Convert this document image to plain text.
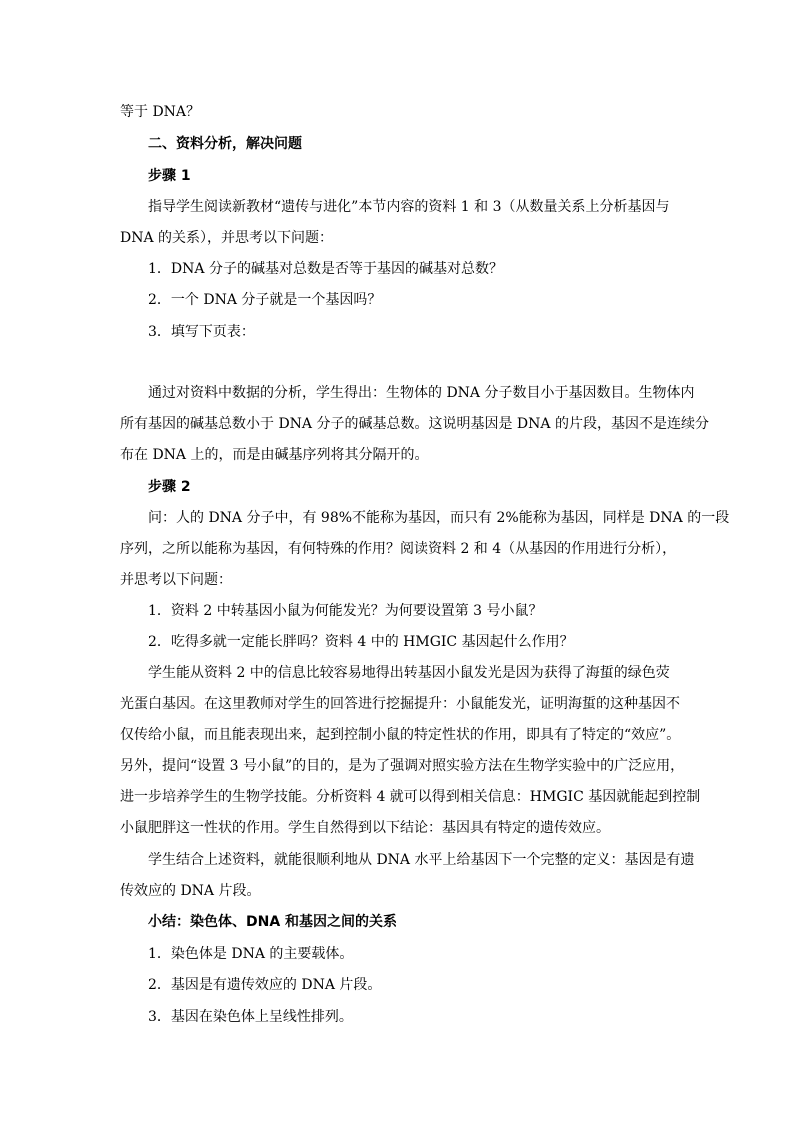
等于 DNA？
二、资料分析，解决问题
步骤 1
指导学生阅读新教材“遗传与进化”本节内容的资料 1 和 3（从数量关系上分析基因与
DNA 的关系），并思考以下问题：
1．DNA 分子的碱基对总数是否等于基因的碱基对总数？
2．一个 DNA 分子就是一个基因吗？
3．填写下页表：
通过对资料中数据的分析，学生得出：生物体的 DNA 分子数目小于基因数目。生物体内
所有基因的碱基总数小于 DNA 分子的碱基总数。这说明基因是 DNA 的片段，基因不是连续分
布在 DNA 上的，而是由碱基序列将其分隔开的。
步骤 2
问：人的 DNA 分子中，有 98%不能称为基因，而只有 2%能称为基因，同样是 DNA 的一段
序列，之所以能称为基因，有何特殊的作用？阅读资料 2 和 4（从基因的作用进行分析），
并思考以下问题：
1．资料 2 中转基因小鼠为何能发光？为何要设置第 3 号小鼠？
2．吃得多就一定能长胖吗？资料 4 中的 HMGIC 基因起什么作用？
学生能从资料 2 中的信息比较容易地得出转基因小鼠发光是因为获得了海蜇的绿色荧
光蛋白基因。在这里教师对学生的回答进行挖掘提升：小鼠能发光，证明海蜇的这种基因不
仅传给小鼠，而且能表现出来，起到控制小鼠的特定性状的作用，即具有了特定的“效应”。
另外，提问“设置 3 号小鼠”的目的，是为了强调对照实验方法在生物学实验中的广泛应用，
进一步培养学生的生物学技能。分析资料 4 就可以得到相关信息：HMGIC 基因就能起到控制
小鼠肥胖这一性状的作用。学生自然得到以下结论：基因具有特定的遗传效应。
学生结合上述资料，就能很顺利地从 DNA 水平上给基因下一个完整的定义：基因是有遗
传效应的 DNA 片段。
小结：染色体、DNA 和基因之间的关系
1．染色体是 DNA 的主要载体。
2．基因是有遗传效应的 DNA 片段。
3．基因在染色体上呈线性排列。
